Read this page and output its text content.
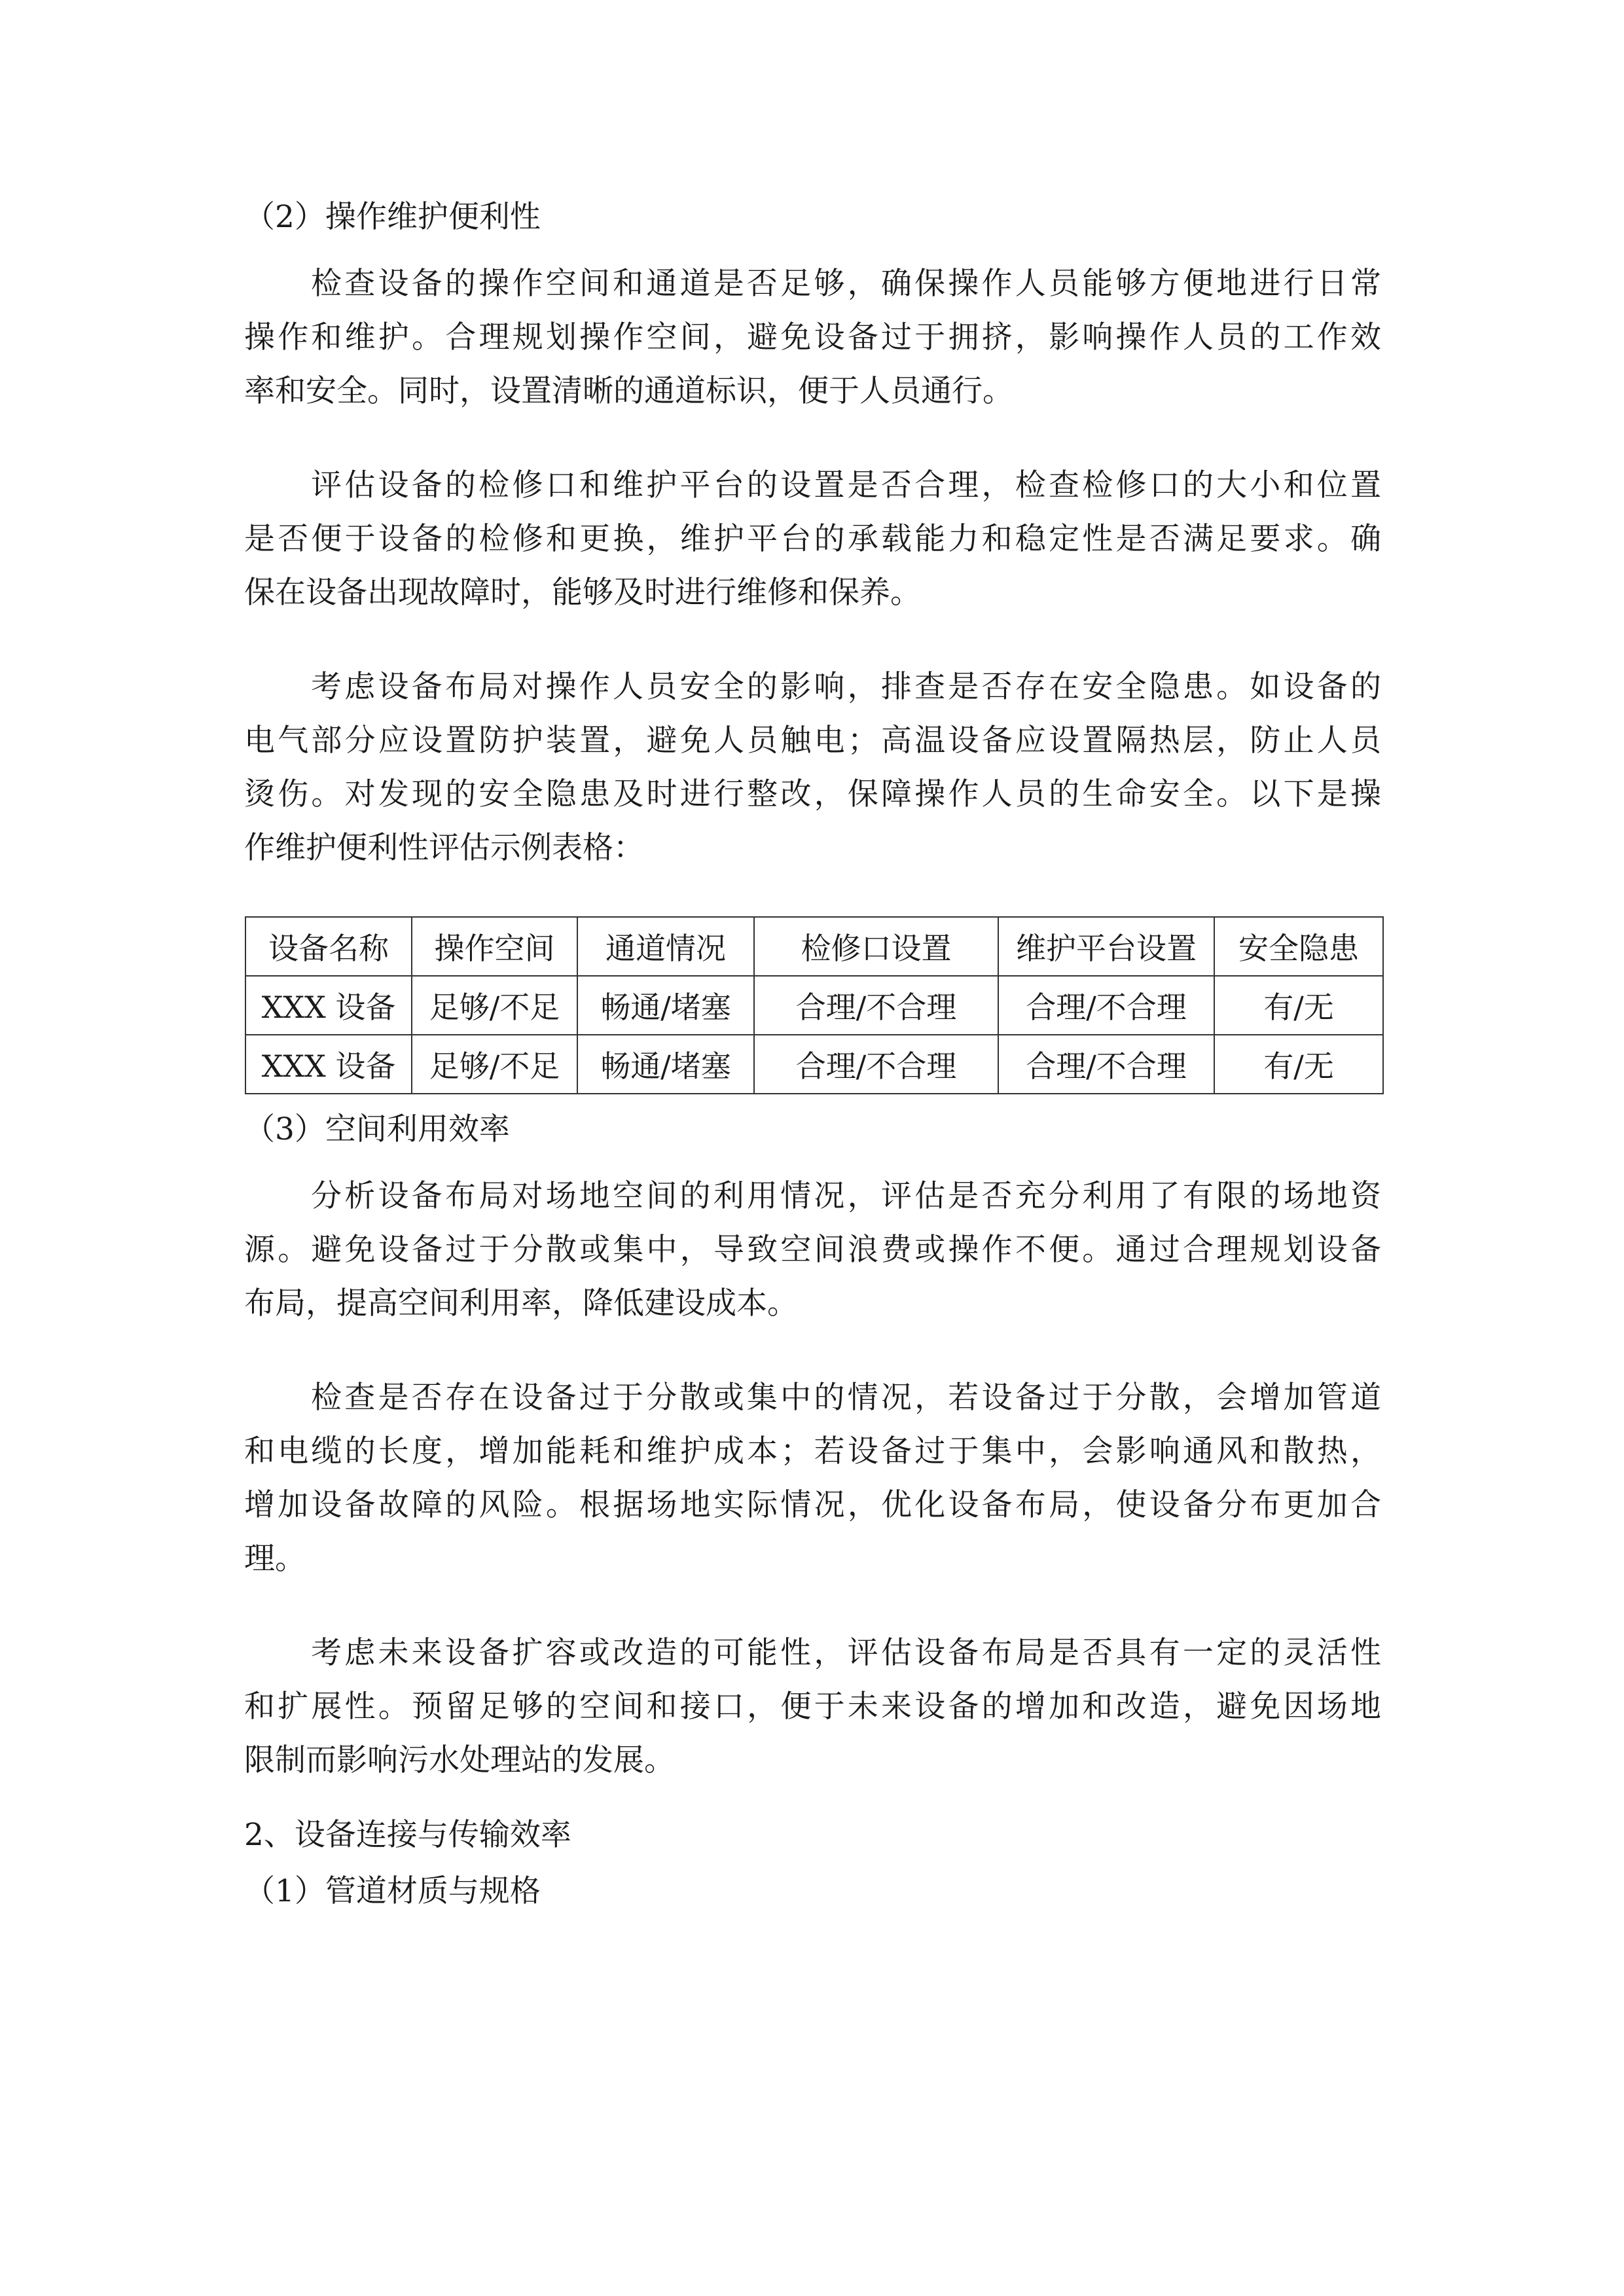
（2）操作维护便利性
检查设备的操作空间和通道是否足够，确保操作人员能够方便地进行日常
操作和维护。合理规划操作空间，避免设备过于拥挤，影响操作人员的工作效
率和安全。同时，设置清晰的通道标识，便于人员通行。
评估设备的检修口和维护平台的设置是否合理，检查检修口的大小和位置
是否便于设备的检修和更换，维护平台的承载能力和稳定性是否满足要求。确
保在设备出现故障时，能够及时进行维修和保养。
考虑设备布局对操作人员安全的影响，排查是否存在安全隐患。如设备的
电气部分应设置防护装置，避免人员触电；高温设备应设置隔热层，防止人员
烫伤。对发现的安全隐患及时进行整改，保障操作人员的生命安全。以下是操
作维护便利性评估示例表格：
设备名称	操作空间	通道情况	检修口设置	维护平台设置	安全隐患
XXX 设备	足够/不足	畅通/堵塞	合理/不合理	合理/不合理	有/无
XXX 设备	足够/不足	畅通/堵塞	合理/不合理	合理/不合理	有/无
（3）空间利用效率
分析设备布局对场地空间的利用情况，评估是否充分利用了有限的场地资
源。避免设备过于分散或集中，导致空间浪费或操作不便。通过合理规划设备
布局，提高空间利用率，降低建设成本。
检查是否存在设备过于分散或集中的情况，若设备过于分散，会增加管道
和电缆的长度，增加能耗和维护成本；若设备过于集中，会影响通风和散热，
增加设备故障的风险。根据场地实际情况，优化设备布局，使设备分布更加合
理。
考虑未来设备扩容或改造的可能性，评估设备布局是否具有一定的灵活性
和扩展性。预留足够的空间和接口，便于未来设备的增加和改造，避免因场地
限制而影响污水处理站的发展。
2、设备连接与传输效率
（1）管道材质与规格
